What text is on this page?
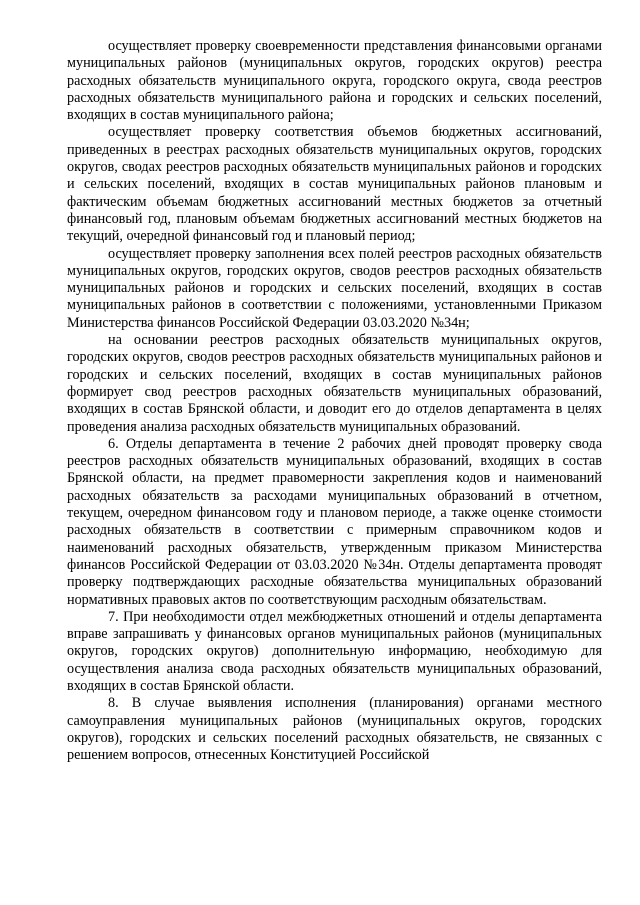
осуществляет проверку своевременности представления финансовыми органами муниципальных районов (муниципальных округов, городских округов) реестра расходных обязательств муниципального округа, городского округа, свода реестров расходных обязательств муниципального района и городских и сельских поселений, входящих в состав муниципального района;

осуществляет проверку соответствия объемов бюджетных ассигнований, приведенных в реестрах расходных обязательств муниципальных округов, городских округов, сводах реестров расходных обязательств муниципальных районов и городских и сельских поселений, входящих в состав муниципальных районов плановым и фактическим объемам бюджетных ассигнований местных бюджетов за отчетный финансовый год, плановым объемам бюджетных ассигнований местных бюджетов на текущий, очередной финансовый год и плановый период;

осуществляет проверку заполнения всех полей реестров расходных обязательств муниципальных округов, городских округов, сводов реестров расходных обязательств муниципальных районов и городских и сельских поселений, входящих в состав муниципальных районов в соответствии с положениями, установленными Приказом Министерства финансов Российской Федерации 03.03.2020 №34н;

на основании реестров расходных обязательств муниципальных округов, городских округов, сводов реестров расходных обязательств муниципальных районов и городских и сельских поселений, входящих в состав муниципальных районов формирует свод реестров расходных обязательств муниципальных образований, входящих в состав Брянской области, и доводит его до отделов департамента в целях проведения анализа расходных обязательств муниципальных образований.

6. Отделы департамента в течение 2 рабочих дней проводят проверку свода реестров расходных обязательств муниципальных образований, входящих в состав Брянской области, на предмет правомерности закрепления кодов и наименований расходных обязательств за расходами муниципальных образований в отчетном, текущем, очередном финансовом году и плановом периоде, а также оценке стоимости расходных обязательств в соответствии с примерным справочником кодов и наименований расходных обязательств, утвержденным приказом Министерства финансов Российской Федерации от 03.03.2020 №34н. Отделы департамента проводят проверку подтверждающих расходные обязательства муниципальных образований нормативных правовых актов по соответствующим расходным обязательствам.

7. При необходимости отдел межбюджетных отношений и отделы департамента вправе запрашивать у финансовых органов муниципальных районов (муниципальных округов, городских округов) дополнительную информацию, необходимую для осуществления анализа свода расходных обязательств муниципальных образований, входящих в состав Брянской области.

8. В случае выявления исполнения (планирования) органами местного самоуправления муниципальных районов (муниципальных округов, городских округов), городских и сельских поселений расходных обязательств, не связанных с решением вопросов, отнесенных Конституцией Российской
